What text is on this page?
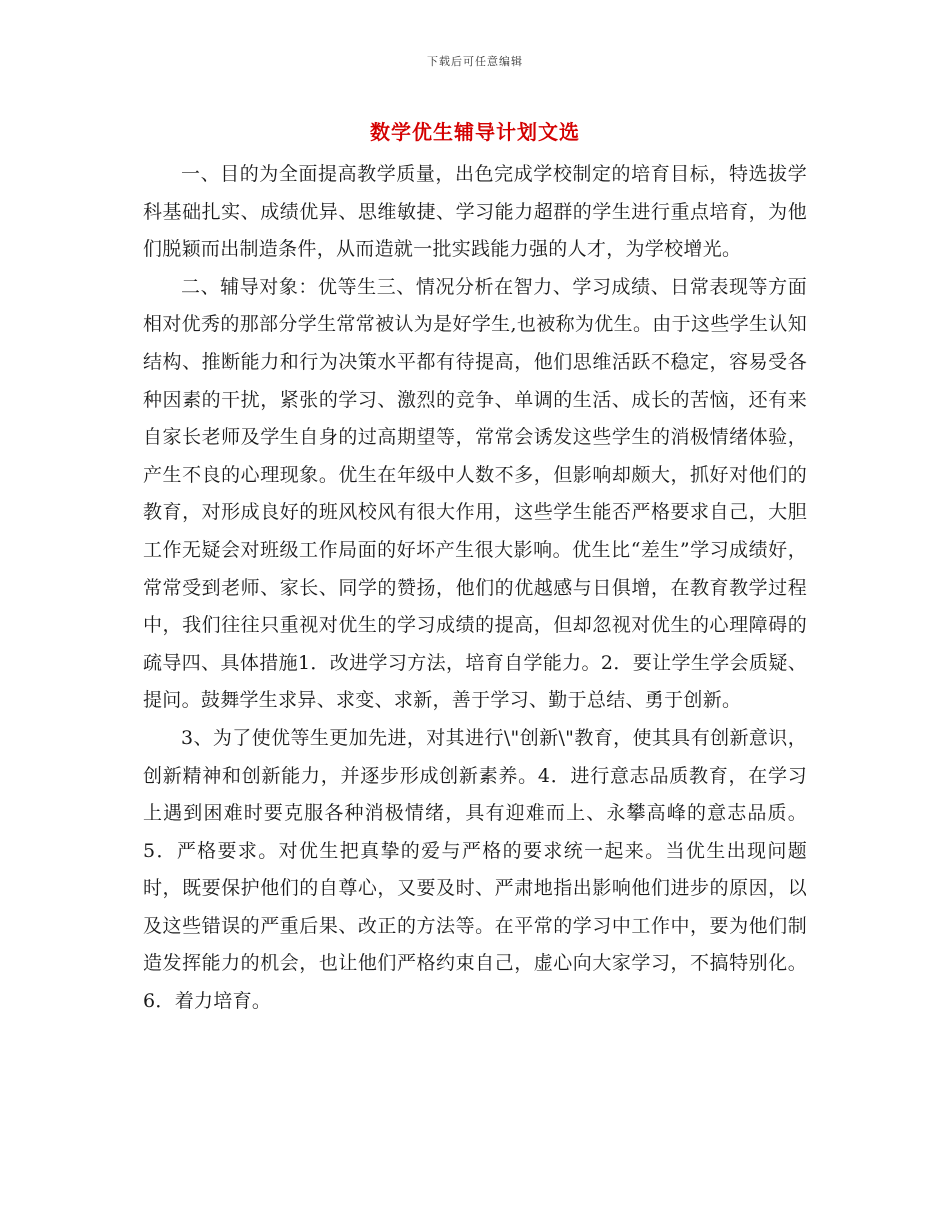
下载后可任意编辑
数学优生辅导计划文选

一、目的为全面提高教学质量，出色完成学校制定的培育目标，特选拔学科基础扎实、成绩优异、思维敏捷、学习能力超群的学生进行重点培育，为他们脱颖而出制造条件，从而造就一批实践能力强的人才，为学校增光。

二、辅导对象：优等生三、情况分析在智力、学习成绩、日常表现等方面相对优秀的那部分学生常常被认为是好学生,也被称为优生。由于这些学生认知结构、推断能力和行为决策水平都有待提高，他们思维活跃不稳定，容易受各种因素的干扰，紧张的学习、激烈的竞争、单调的生活、成长的苦恼，还有来自家长老师及学生自身的过高期望等，常常会诱发这些学生的消极情绪体验，产生不良的心理现象。优生在年级中人数不多，但影响却颇大，抓好对他们的教育，对形成良好的班风校风有很大作用，这些学生能否严格要求自己，大胆工作无疑会对班级工作局面的好坏产生很大影响。优生比“差生”学习成绩好，常常受到老师、家长、同学的赞扬，他们的优越感与日俱增，在教育教学过程中，我们往往只重视对优生的学习成绩的提高，但却忽视对优生的心理障碍的疏导四、具体措施1．改进学习方法，培育自学能力。2．要让学生学会质疑、提问。鼓舞学生求异、求变、求新，善于学习、勤于总结、勇于创新。

3、为了使优等生更加先进，对其进行\"创新\"教育，使其具有创新意识，创新精神和创新能力，并逐步形成创新素养。4．进行意志品质教育，在学习上遇到困难时要克服各种消极情绪，具有迎难而上、永攀高峰的意志品质。5．严格要求。对优生把真挚的爱与严格的要求统一起来。当优生出现问题时，既要保护他们的自尊心，又要及时、严肃地指出影响他们进步的原因，以及这些错误的严重后果、改正的方法等。在平常的学习中工作中，要为他们制造发挥能力的机会，也让他们严格约束自己，虚心向大家学习，不搞特别化。6．着力培育。
